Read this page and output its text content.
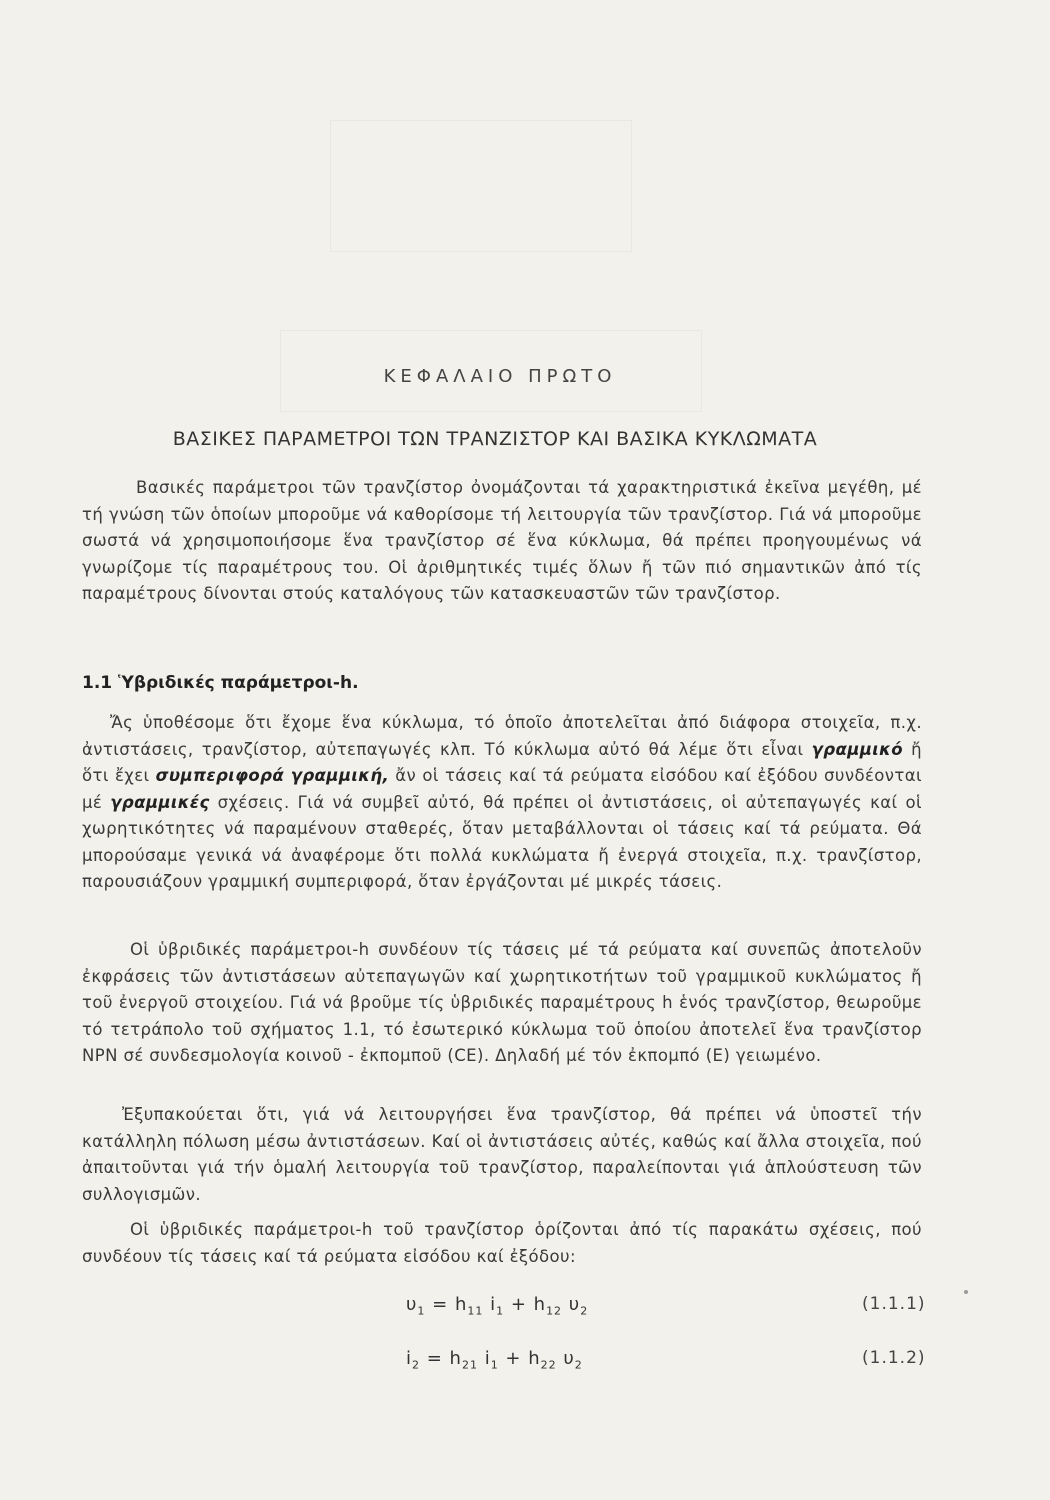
ΚΕΦΑΛΑΙΟ ΠΡΩΤΟ
ΒΑΣΙΚΕΣ ΠΑΡΑΜΕΤΡΟΙ ΤΩΝ ΤΡΑΝΖΙΣΤΟΡ ΚΑΙ ΒΑΣΙΚΑ ΚΥΚΛΩΜΑΤΑ
Βασικές παράμετροι τῶν τρανζίστορ ὀνομάζονται τά χαρακτηριστικά ἐκεῖνα μεγέθη, μέ τή γνώση τῶν ὁποίων μποροῦμε νά καθορίσομε τή λειτουργία τῶν τρανζίστορ. Γιά νά μποροῦμε σωστά νά χρησιμοποιήσομε ἕνα τρανζίστορ σέ ἕνα κύκλωμα, θά πρέπει προηγουμένως νά γνωρίζομε τίς παραμέτρους του. Οἱ ἀριθμητικές τιμές ὅλων ἤ τῶν πιό σημαντικῶν ἀπό τίς παραμέτρους δίνονται στούς καταλόγους τῶν κατασκευαστῶν τῶν τρανζίστορ.
1.1 Ὑβριδικές παράμετροι-h.
Ἄς ὑποθέσομε ὅτι ἔχομε ἕνα κύκλωμα, τό ὁποῖο ἀποτελεῖται ἀπό διάφορα στοιχεῖα, π.χ. ἀντιστάσεις, τρανζίστορ, αὐτεπαγωγές κλπ. Τό κύκλωμα αὐτό θά λέμε ὅτι εἶναι γραμμικό ἤ ὅτι ἔχει συμπεριφορά γραμμική, ἄν οἱ τάσεις καί τά ρεύματα εἰσόδου καί ἐξόδου συνδέονται μέ γραμμικές σχέσεις. Γιά νά συμβεῖ αὐτό, θά πρέπει οἱ ἀντιστάσεις, οἱ αὐτεπαγωγές καί οἱ χωρητικότητες νά παραμένουν σταθερές, ὅταν μεταβάλλονται οἱ τάσεις καί τά ρεύματα. Θά μπορούσαμε γενικά νά ἀναφέρομε ὅτι πολλά κυκλώματα ἤ ἐνεργά στοιχεῖα, π.χ. τρανζίστορ, παρουσιάζουν γραμμική συμπεριφορά, ὅταν ἐργάζονται μέ μικρές τάσεις.
Οἱ ὑβριδικές παράμετροι-h συνδέουν τίς τάσεις μέ τά ρεύματα καί συνεπῶς ἀποτελοῦν ἐκφράσεις τῶν ἀντιστάσεων αὐτεπαγωγῶν καί χωρητικοτήτων τοῦ γραμμικοῦ κυκλώματος ἤ τοῦ ἐνεργοῦ στοιχείου. Γιά νά βροῦμε τίς ὑβριδικές παραμέτρους h ἑνός τρανζίστορ, θεωροῦμε τό τετράπολο τοῦ σχήματος 1.1, τό ἐσωτερικό κύκλωμα τοῦ ὁποίου ἀποτελεῖ ἕνα τρανζίστορ NPN σέ συνδεσμολογία κοινοῦ - ἐκπομποῦ (CE). Δηλαδή μέ τόν ἐκπομπό (E) γειωμένο.
Ἐξυπακούεται ὅτι, γιά νά λειτουργήσει ἕνα τρανζίστορ, θά πρέπει νά ὑποστεῖ τήν κατάλληλη πόλωση μέσω ἀντιστάσεων. Καί οἱ ἀντιστάσεις αὐτές, καθώς καί ἄλλα στοιχεῖα, πού ἀπαιτοῦνται γιά τήν ὁμαλή λειτουργία τοῦ τρανζίστορ, παραλείπονται γιά ἁπλούστευση τῶν συλλογισμῶν.
Οἱ ὑβριδικές παράμετροι-h τοῦ τρανζίστορ ὁρίζονται ἀπό τίς παρακάτω σχέσεις, πού συνδέουν τίς τάσεις καί τά ρεύματα εἰσόδου καί ἐξόδου:
$\upsilon_1 = h_{11}$ $i_1 + h_{12}$ $\upsilon_2$	(1.1.1)
$i_2 = h_{21}$ $i_1 + h_{22}$ $\upsilon_2$	(1.1.2)
